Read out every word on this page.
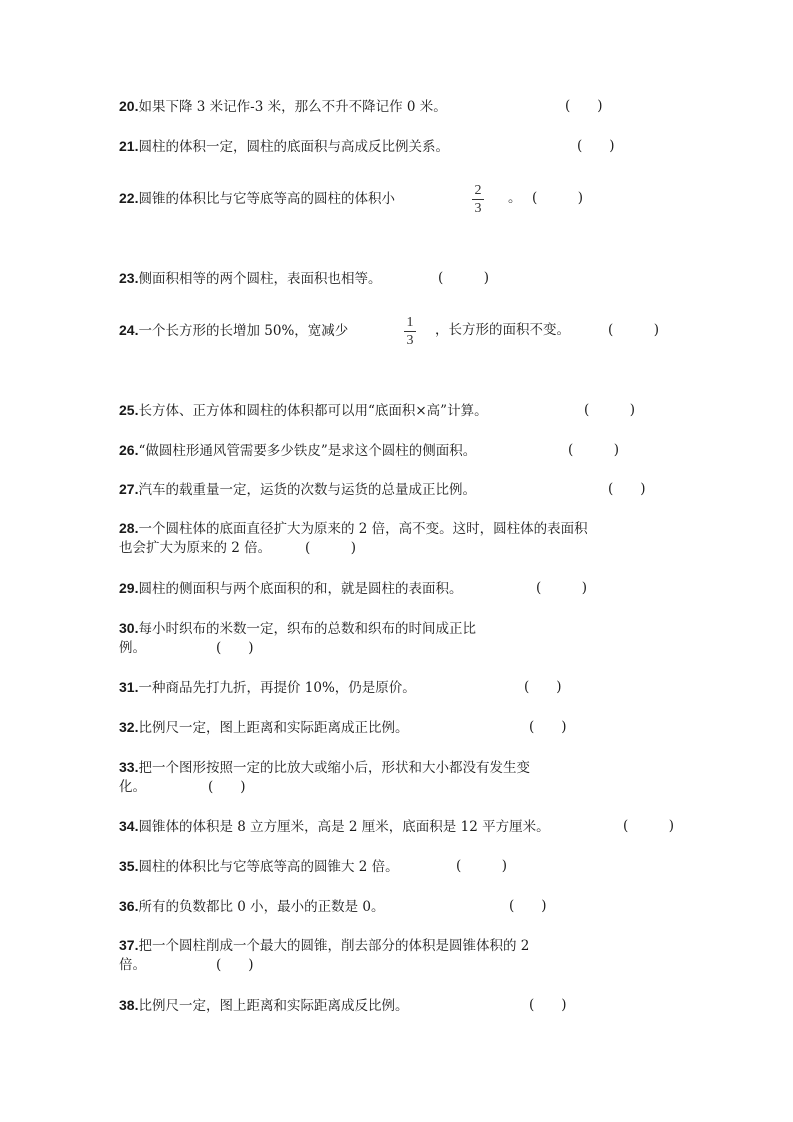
20.如果下降 3 米记作-3 米，那么不升不降记作 0 米。	(　　)
21.圆柱的体积一定，圆柱的底面积与高成反比例关系。	(　　)
22.圆锥的体积比与它等底等高的圆柱的体积小
2
3
。 (　　　)
23.侧面积相等的两个圆柱，表面积也相等。	(　　　)
24.一个长方形的长增加 50%，宽减少
1
3
，长方形的面积不变。	(　　　)
25.长方体、正方体和圆柱的体积都可以用“底面积×高”计算。	(　　　)
26.“做圆柱形通风管需要多少铁皮”是求这个圆柱的侧面积。	(　　　)
27.汽车的载重量一定，运货的次数与运货的总量成正比例。	(　　)
28.一个圆柱体的底面直径扩大为原来的 2 倍，高不变。这时，圆柱体的表面积
也会扩大为原来的 2 倍。	(　　　)
29.圆柱的侧面积与两个底面积的和，就是圆柱的表面积。	(　　　)
30.每小时织布的米数一定，织布的总数和织布的时间成正比
例。	(　　)
31.一种商品先打九折，再提价 10%，仍是原价。	(　　)
32.比例尺一定，图上距离和实际距离成正比例。	(　　)
33.把一个图形按照一定的比放大或缩小后，形状和大小都没有发生变
化。	(　　)
34.圆锥体的体积是 8 立方厘米，高是 2 厘米，底面积是 12 平方厘米。	(　　　)
35.圆柱的体积比与它等底等高的圆锥大 2 倍。	(　　　)
36.所有的负数都比 0 小，最小的正数是 0。	(　　)
37.把一个圆柱削成一个最大的圆锥，削去部分的体积是圆锥体积的 2
倍。	(　　)
38.比例尺一定，图上距离和实际距离成反比例。	(　　)
